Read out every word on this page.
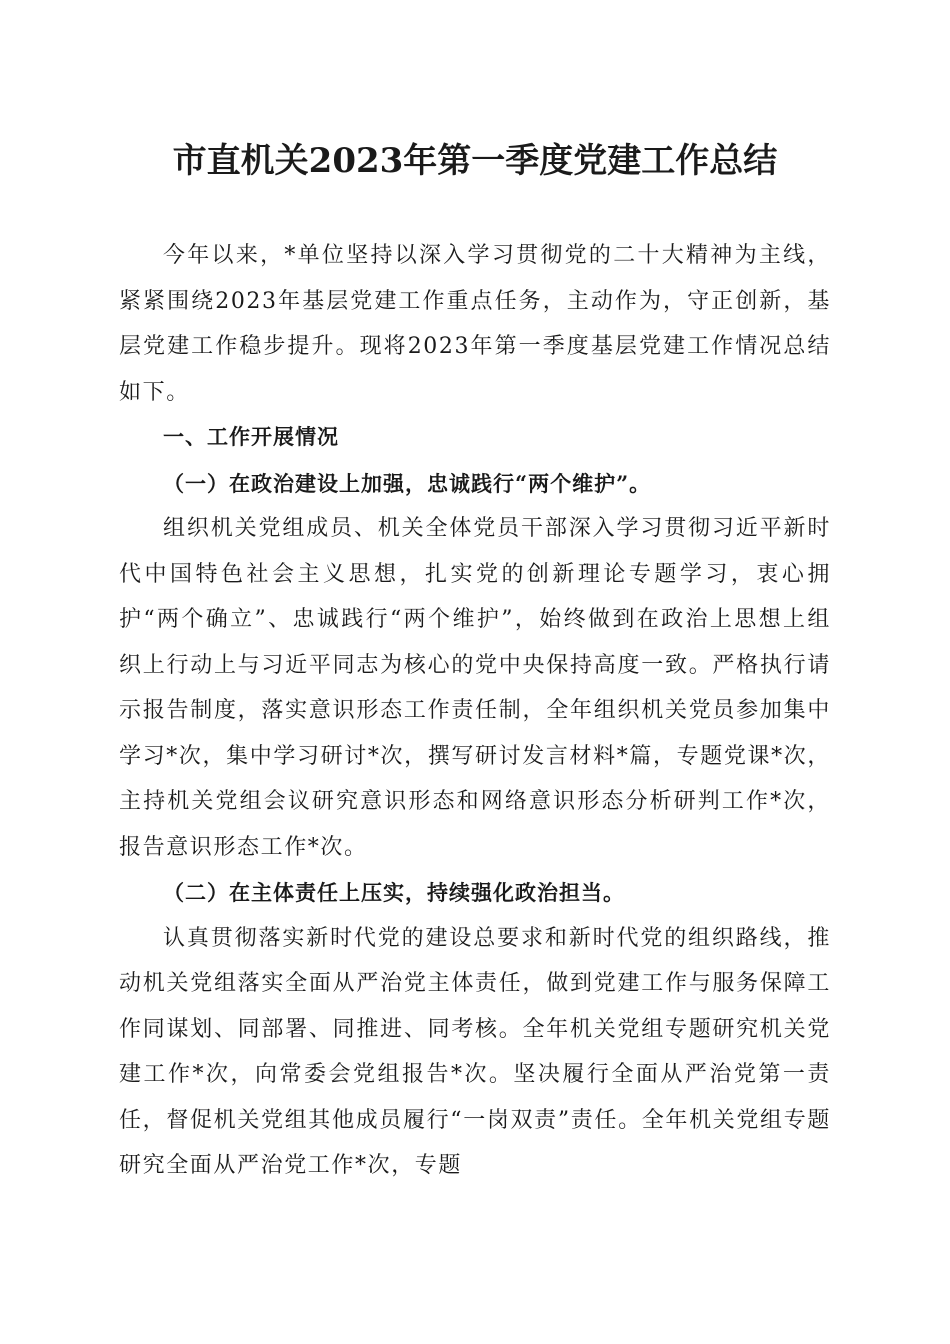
市直机关2023年第一季度党建工作总结

今年以来，*单位坚持以深入学习贯彻党的二十大精神为主线，紧紧围绕2023年基层党建工作重点任务，主动作为，守正创新，基层党建工作稳步提升。现将2023年第一季度基层党建工作情况总结如下。

一、工作开展情况

（一）在政治建设上加强，忠诚践行“两个维护”。

组织机关党组成员、机关全体党员干部深入学习贯彻习近平新时代中国特色社会主义思想，扎实党的创新理论专题学习，衷心拥护“两个确立”、忠诚践行“两个维护”，始终做到在政治上思想上组织上行动上与习近平同志为核心的党中央保持高度一致。严格执行请示报告制度，落实意识形态工作责任制，全年组织机关党员参加集中学习*次，集中学习研讨*次，撰写研讨发言材料*篇，专题党课*次，主持机关党组会议研究意识形态和网络意识形态分析研判工作*次，报告意识形态工作*次。

（二）在主体责任上压实，持续强化政治担当。

认真贯彻落实新时代党的建设总要求和新时代党的组织路线，推动机关党组落实全面从严治党主体责任，做到党建工作与服务保障工作同谋划、同部署、同推进、同考核。全年机关党组专题研究机关党建工作*次，向常委会党组报告*次。坚决履行全面从严治党第一责任，督促机关党组其他成员履行“一岗双责”责任。全年机关党组专题研究全面从严治党工作*次，专题
